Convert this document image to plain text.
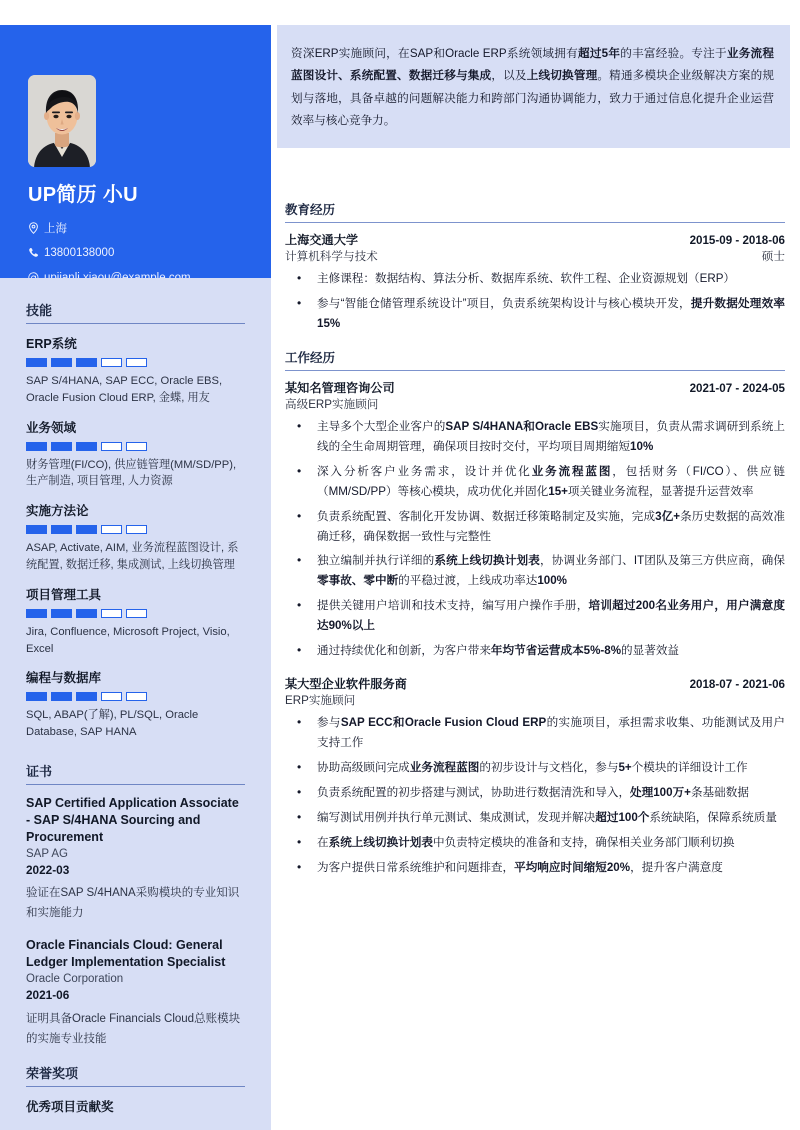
UP简历 小U
上海
13800138000
技能
ERP系统
SAP S/4HANA, SAP ECC, Oracle EBS, Oracle Fusion Cloud ERP, 金蝶, 用友
业务领域
财务管理(FI/CO), 供应链管理(MM/SD/PP), 生产制造, 项目管理, 人力资源
实施方法论
ASAP, Activate, AIM, 业务流程蓝图设计, 系统配置, 数据迁移, 集成测试, 上线切换管理
项目管理工具
Jira, Confluence, Microsoft Project, Visio, Excel
编程与数据库
SQL, ABAP(了解), PL/SQL, Oracle Database, SAP HANA
证书
SAP Certified Application Associate - SAP S/4HANA Sourcing and Procurement
SAP AG
2022-03
验证在SAP S/4HANA采购模块的专业知识和实施能力
Oracle Financials Cloud: General Ledger Implementation Specialist
Oracle Corporation
2021-06
证明具备Oracle Financials Cloud总账模块的实施专业技能
荣誉奖项
优秀项目贡献奖
资深ERP实施顾问，在SAP和Oracle ERP系统领域拥有超过5年的丰富经验。专注于业务流程蓝图设计、系统配置、数据迁移与集成，以及上线切换管理。精通多模块企业级解决方案的规划与落地，具备卓越的问题解决能力和跨部门沟通协调能力，致力于通过信息化提升企业运营效率与核心竞争力。
教育经历
上海交通大学	2015-09 - 2018-06
计算机科学与技术	硕士
• 主修课程：数据结构、算法分析、数据库系统、软件工程、企业资源规划（ERP）
• 参与“智能仓储管理系统设计”项目，负责系统架构设计与核心模块开发，提升数据处理效率15%
工作经历
某知名管理咨询公司	2021-07 - 2024-05
高级ERP实施顾问
• 主导多个大型企业客户的SAP S/4HANA和Oracle EBS实施项目，负责从需求调研到系统上线的全生命周期管理，确保项目按时交付，平均项目周期缩短10%
• 深入分析客户业务需求，设计并优化业务流程蓝图，包括财务（FI/CO）、供应链（MM/SD/PP）等核心模块，成功优化并固化15+项关键业务流程，显著提升运营效率
• 负责系统配置、客制化开发协调、数据迁移策略制定及实施，完成3亿+条历史数据的高效准确迁移，确保数据一致性与完整性
• 独立编制并执行详细的系统上线切换计划表，协调业务部门、IT团队及第三方供应商，确保零事故、零中断的平稳过渡，上线成功率达100%
• 提供关键用户培训和技术支持，编写用户操作手册，培训超过200名业务用户，用户满意度达90%以上
• 通过持续优化和创新，为客户带来年均节省运营成本5%-8%的显著效益
某大型企业软件服务商	2018-07 - 2021-06
ERP实施顾问
• 参与SAP ECC和Oracle Fusion Cloud ERP的实施项目，承担需求收集、功能测试及用户支持工作
• 协助高级顾问完成业务流程蓝图的初步设计与文档化，参与5+个模块的详细设计工作
• 负责系统配置的初步搭建与测试，协助进行数据清洗和导入，处理100万+条基础数据
• 编写测试用例并执行单元测试、集成测试，发现并解决超过100个系统缺陷，保障系统质量
• 在系统上线切换计划表中负责特定模块的准备和支持，确保相关业务部门顺利切换
• 为客户提供日常系统维护和问题排查，平均响应时间缩短20%，提升客户满意度
